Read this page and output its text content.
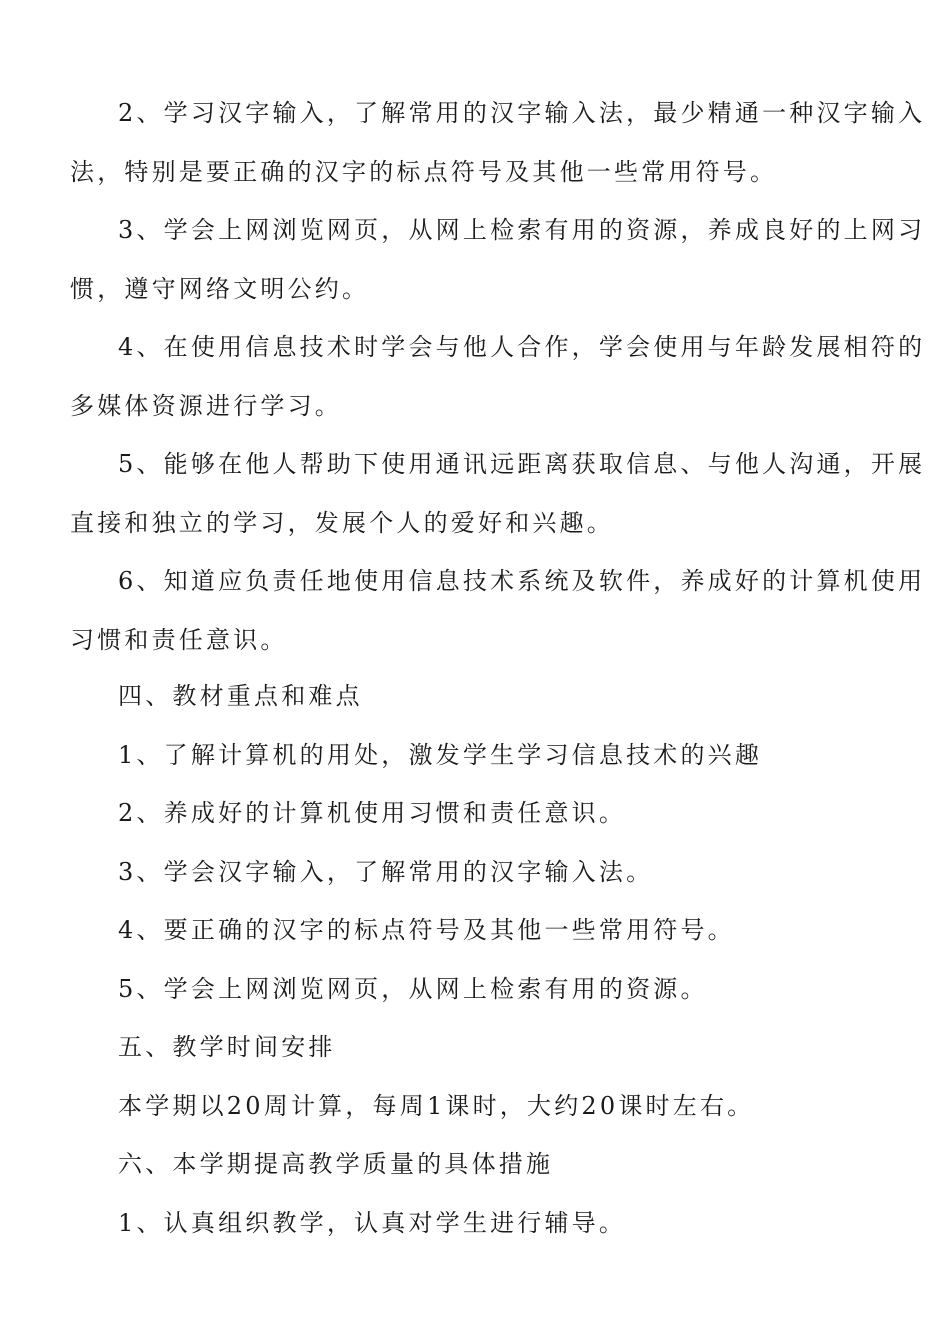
2、学习汉字输入，了解常用的汉字输入法，最少精通一种汉字输入
法，特别是要正确的汉字的标点符号及其他一些常用符号。
3、学会上网浏览网页，从网上检索有用的资源，养成良好的上网习
惯，遵守网络文明公约。
4、在使用信息技术时学会与他人合作，学会使用与年龄发展相符的
多媒体资源进行学习。
5、能够在他人帮助下使用通讯远距离获取信息、与他人沟通，开展
直接和独立的学习，发展个人的爱好和兴趣。
6、知道应负责任地使用信息技术系统及软件，养成好的计算机使用
习惯和责任意识。
四、教材重点和难点
1、了解计算机的用处，激发学生学习信息技术的兴趣
2、养成好的计算机使用习惯和责任意识。
3、学会汉字输入，了解常用的汉字输入法。
4、要正确的汉字的标点符号及其他一些常用符号。
5、学会上网浏览网页，从网上检索有用的资源。
五、教学时间安排
本学期以20周计算，每周1课时，大约20课时左右。
六、本学期提高教学质量的具体措施
1、认真组织教学，认真对学生进行辅导。
